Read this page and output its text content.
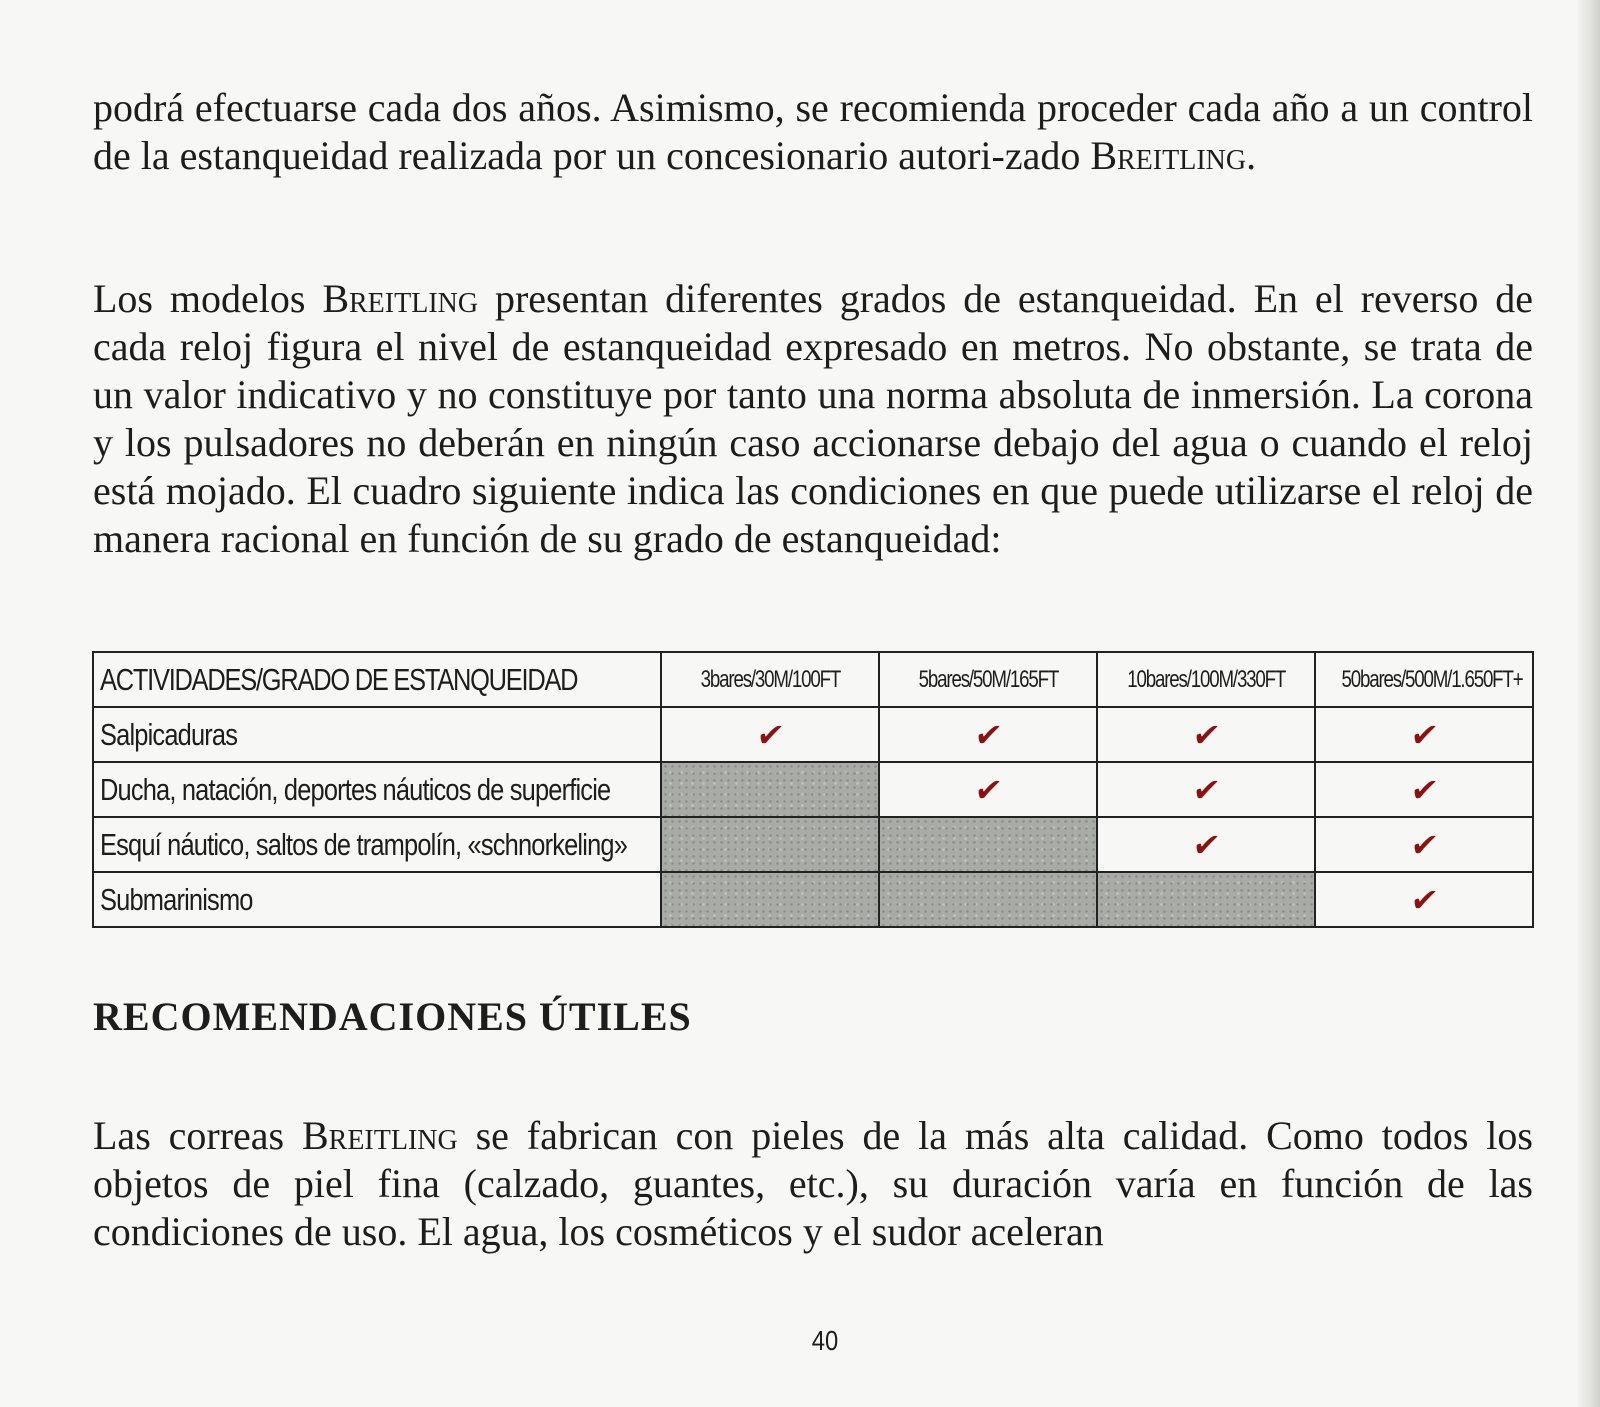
podrá efectuarse cada dos años. Asimismo, se recomienda proceder cada año a un control de la estanqueidad realizada por un concesionario autori-zado Breitling.

Los modelos Breitling presentan diferentes grados de estanqueidad. En el reverso de cada reloj figura el nivel de estanqueidad expresado en metros. No obstante, se trata de un valor indicativo y no constituye por tanto una norma absoluta de inmersión. La corona y los pulsadores no deberán en ningún caso accionarse debajo del agua o cuando el reloj está mojado. El cuadro siguiente indica las condiciones en que puede utilizarse el reloj de manera racional en función de su grado de estanqueidad:

ACTIVIDADES/GRADO DE ESTANQUEIDAD	3bares/30M/100FT	5bares/50M/165FT	10bares/100M/330FT	50bares/500M/1.650FT+
Salpicaduras	✔	✔	✔	✔
Ducha, natación, deportes náuticos de superficie		✔	✔	✔
Esquí náutico, saltos de trampolín, «schnorkeling»			✔	✔
Submarinismo				✔
RECOMENDACIONES ÚTILES

Las correas Breitling se fabrican con pieles de la más alta calidad. Como todos los objetos de piel fina (calzado, guantes, etc.), su duración varía en función de las condiciones de uso. El agua, los cosméticos y el sudor aceleran

40
